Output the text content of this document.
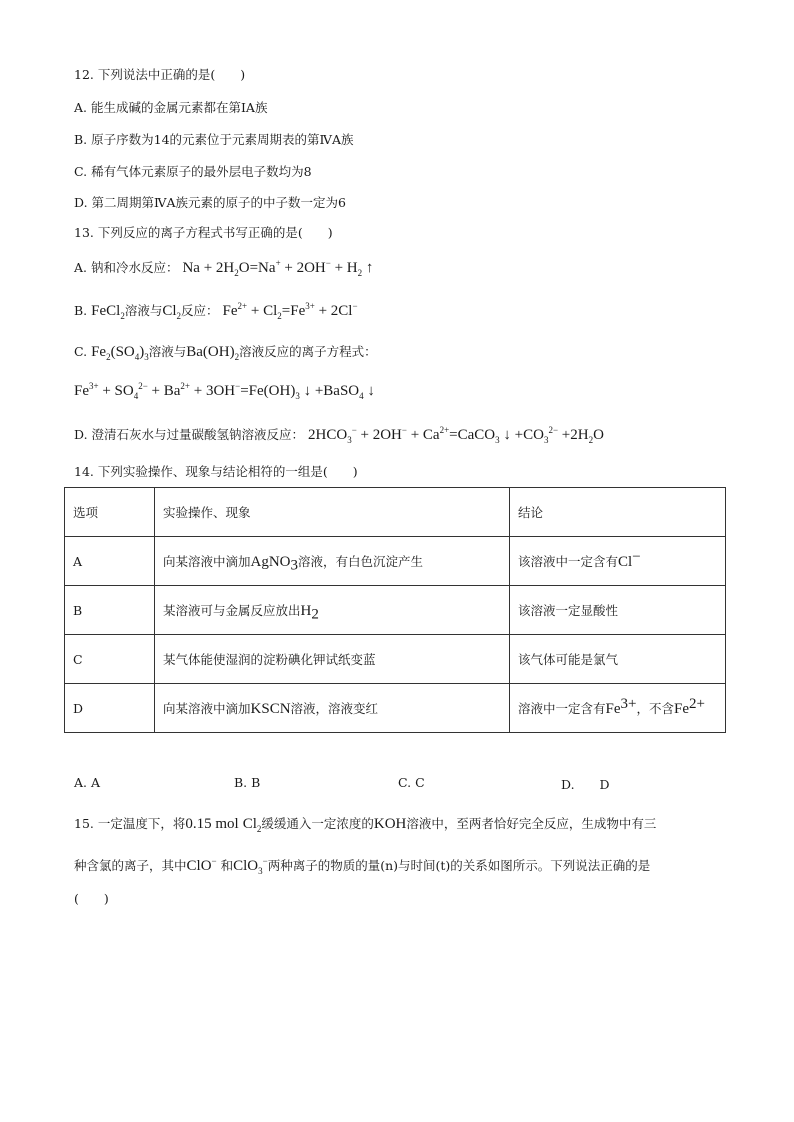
12. 下列说法中正确的是(　　)
A. 能生成碱的金属元素都在第ⅠA族
B. 原子序数为14的元素位于元素周期表的第ⅣA族
C. 稀有气体元素原子的最外层电子数均为8
D. 第二周期第ⅣA族元素的原子的中子数一定为6
13. 下列反应的离子方程式书写正确的是(　　)
A. 钠和冷水反应： $Na + 2H_2O=Na^+ + 2OH^- + H_2$ ↑
B. FeCl$_2$溶液与$Cl_2$反应： $Fe^{2+} + Cl_2=Fe^{3+} + 2Cl^-$
C. $Fe_2(SO_4)_3$溶液与$Ba(OH)_2$溶液反应的离子方程式：
$Fe^{3+} + SO_4^{2-} + Ba^{2+} + 3OH^-=Fe(OH)_3$ ↓ +BaSO$_4$ ↓
D. 澄清石灰水与过量碳酸氢钠溶液反应： $2HCO_3^- + 2OH^-$ + $Ca^{2+}=CaCO_3$ ↓ $+CO_3^{2-} +2H_2O$
14. 下列实验操作、现象与结论相符的一组是(　　)
选项	实验操作、现象	结论
A	向某溶液中滴加AgNO$_3$溶液，有白色沉淀产生	该溶液中一定含有Cl−
B	某溶液可与金属反应放出$H_2$	该溶液一定显酸性
C	某气体能使湿润的淀粉碘化钾试纸变蓝	该气体可能是氯气
D	向某溶液中滴加KSCN溶液，溶液变红	溶液中一定含有$Fe^{3+}$，不含$Fe^{2+}$
A. A	B. B	C. C	D.　　D
15. 一定温度下，将0.15 mol $Cl_2$缓缓通入一定浓度的KOH溶液中，至两者恰好完全反应，生成物中有三
种含氯的离子，其中ClO− 和ClO$_3$−两种离子的物质的量(n)与时间(t)的关系如图所示。下列说法正确的是
(　　)
